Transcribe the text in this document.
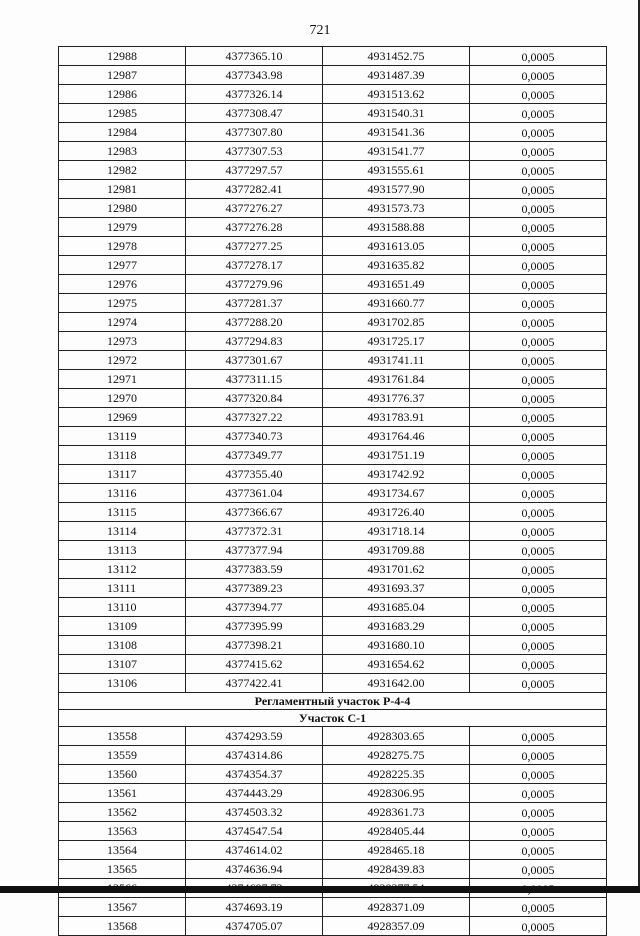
721
12988	4377365.10	4931452.75	0,0005
12987	4377343.98	4931487.39	0,0005
12986	4377326.14	4931513.62	0,0005
12985	4377308.47	4931540.31	0,0005
12984	4377307.80	4931541.36	0,0005
12983	4377307.53	4931541.77	0,0005
12982	4377297.57	4931555.61	0,0005
12981	4377282.41	4931577.90	0,0005
12980	4377276.27	4931573.73	0,0005
12979	4377276.28	4931588.88	0,0005
12978	4377277.25	4931613.05	0,0005
12977	4377278.17	4931635.82	0,0005
12976	4377279.96	4931651.49	0,0005
12975	4377281.37	4931660.77	0,0005
12974	4377288.20	4931702.85	0,0005
12973	4377294.83	4931725.17	0,0005
12972	4377301.67	4931741.11	0,0005
12971	4377311.15	4931761.84	0,0005
12970	4377320.84	4931776.37	0,0005
12969	4377327.22	4931783.91	0,0005
13119	4377340.73	4931764.46	0,0005
13118	4377349.77	4931751.19	0,0005
13117	4377355.40	4931742.92	0,0005
13116	4377361.04	4931734.67	0,0005
13115	4377366.67	4931726.40	0,0005
13114	4377372.31	4931718.14	0,0005
13113	4377377.94	4931709.88	0,0005
13112	4377383.59	4931701.62	0,0005
13111	4377389.23	4931693.37	0,0005
13110	4377394.77	4931685.04	0,0005
13109	4377395.99	4931683.29	0,0005
13108	4377398.21	4931680.10	0,0005
13107	4377415.62	4931654.62	0,0005
13106	4377422.41	4931642.00	0,0005
Регламентный участок Р-4-4			
Участок С-1			
13558	4374293.59	4928303.65	0,0005
13559	4374314.86	4928275.75	0,0005
13560	4374354.37	4928225.35	0,0005
13561	4374443.29	4928306.95	0,0005
13562	4374503.32	4928361.73	0,0005
13563	4374547.54	4928405.44	0,0005
13564	4374614.02	4928465.18	0,0005
13565	4374636.94	4928439.83	0,0005

13567	4374693.19	4928371.09	0,0005
13568	4374705.07	4928357.09	0,0005
